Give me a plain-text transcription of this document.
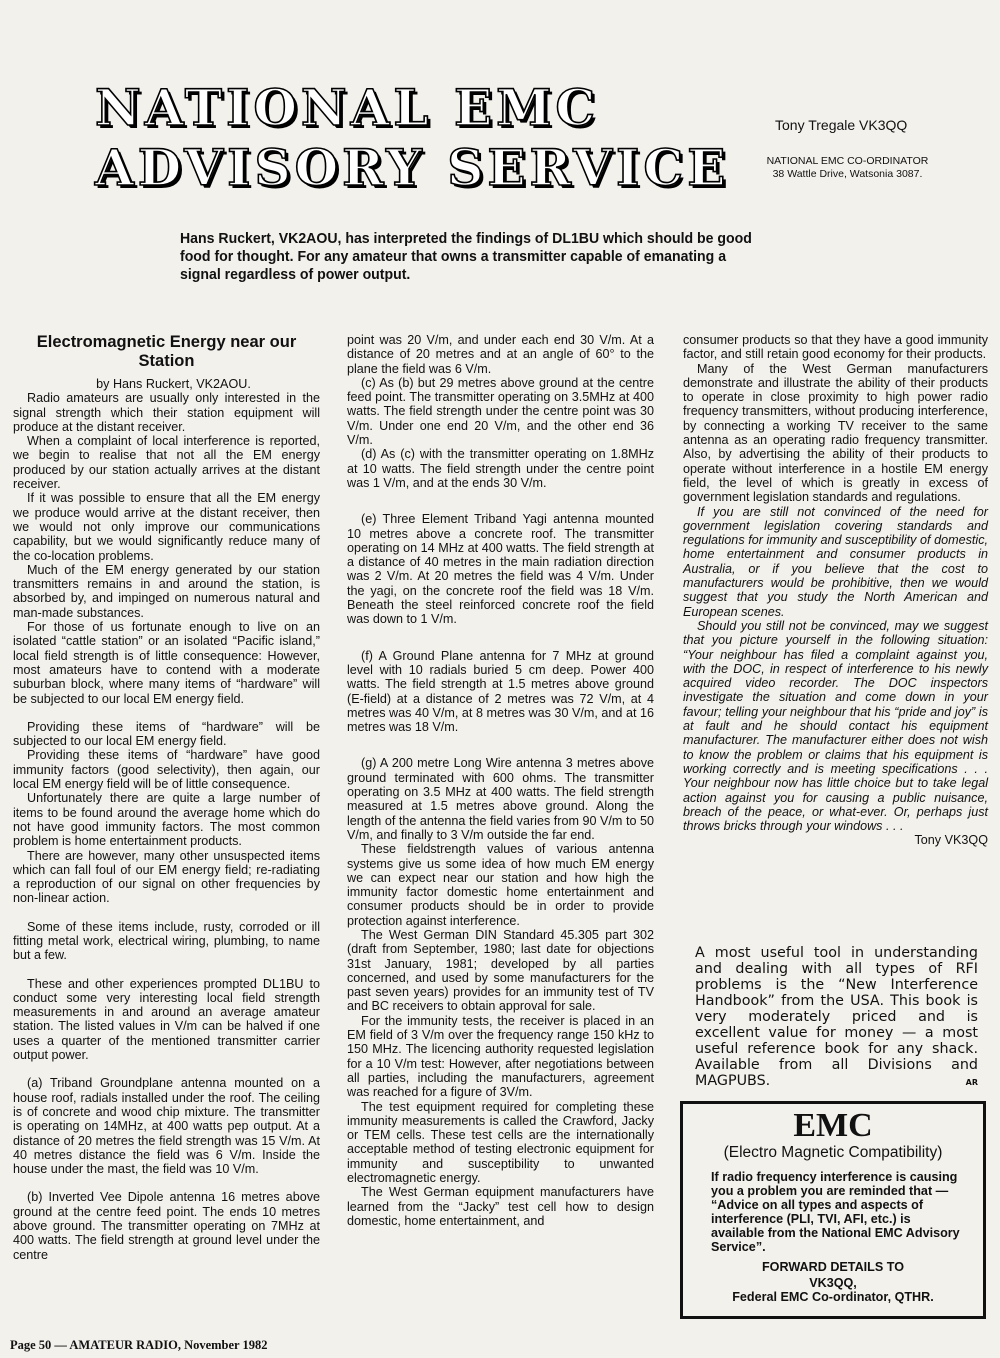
NATIONAL EMC
ADVISORY SERVICE
Tony Tregale VK3QQ
NATIONAL EMC CO-ORDINATOR
38 Wattle Drive, Watsonia 3087.
Hans Ruckert, VK2AOU, has interpreted the findings of DL1BU which should be good food for thought. For any amateur that owns a transmitter capable of emanating a signal regardless of power output.
Electromagnetic Energy near our Station

by Hans Ruckert, VK2AOU.

Radio amateurs are usually only interested in the signal strength which their station equipment will produce at the distant receiver.

When a complaint of local interference is reported, we begin to realise that not all the EM energy produced by our station actually arrives at the distant receiver.

If it was possible to ensure that all the EM energy we produce would arrive at the distant receiver, then we would not only improve our communications capability, but we would significantly reduce many of the co-location problems.

Much of the EM energy generated by our station transmitters remains in and around the station, is absorbed by, and impinged on numerous natural and man-made substances.

For those of us fortunate enough to live on an isolated “cattle station” or an isolated “Pacific island,” local field strength is of little consequence: However, most amateurs have to contend with a moderate suburban block, where many items of “hardware” will be subjected to our local EM energy field.

Providing these items of “hardware” will be subjected to our local EM energy field.

Providing these items of “hardware” have good immunity factors (good selectivity), then again, our local EM energy field will be of little consequence.

Unfortunately there are quite a large number of items to be found around the average home which do not have good immunity factors. The most common problem is home entertainment products.

There are however, many other unsuspected items which can fall foul of our EM energy field; re-radiating a reproduction of our signal on other frequencies by non-linear action.

Some of these items include, rusty, corroded or ill fitting metal work, electrical wiring, plumbing, to name but a few.

These and other experiences prompted DL1BU to conduct some very interesting local field strength measurements in and around an average amateur station. The listed values in V/m can be halved if one uses a quarter of the mentioned transmitter carrier output power.

(a) Triband Groundplane antenna mounted on a house roof, radials installed under the roof. The ceiling is of concrete and wood chip mixture. The transmitter is operating on 14MHz, at 400 watts pep output. At a distance of 20 metres the field strength was 15 V/m. At 40 metres distance the field was 6 V/m. Inside the house under the mast, the field was 10 V/m.

(b) Inverted Vee Dipole antenna 16 metres above ground at the centre feed point. The ends 10 metres above ground. The transmitter operating on 7MHz at 400 watts. The field strength at ground level under the centre

point was 20 V/m, and under each end 30 V/m. At a distance of 20 metres and at an angle of 60° to the plane the field was 6 V/m.

(c) As (b) but 29 metres above ground at the centre feed point. The transmitter operating on 3.5MHz at 400 watts. The field strength under the centre point was 30 V/m. Under one end 20 V/m, and the other end 36 V/m.

(d) As (c) with the transmitter operating on 1.8MHz at 10 watts. The field strength under the centre point was 1 V/m, and at the ends 30 V/m.

(e) Three Element Triband Yagi antenna mounted 10 metres above a concrete roof. The transmitter operating on 14 MHz at 400 watts. The field strength at a distance of 40 metres in the main radiation direction was 2 V/m. At 20 metres the field was 4 V/m. Under the yagi, on the concrete roof the field was 18 V/m. Beneath the steel reinforced concrete roof the field was down to 1 V/m.

(f) A Ground Plane antenna for 7 MHz at ground level with 10 radials buried 5 cm deep. Power 400 watts. The field strength at 1.5 metres above ground (E-field) at a distance of 2 metres was 72 V/m, at 4 metres was 40 V/m, at 8 metres was 30 V/m, and at 16 metres was 18 V/m.

(g) A 200 metre Long Wire antenna 3 metres above ground terminated with 600 ohms. The transmitter operating on 3.5 MHz at 400 watts. The field strength measured at 1.5 metres above ground. Along the length of the antenna the field varies from 90 V/m to 50 V/m, and finally to 3 V/m outside the far end.

These fieldstrength values of various antenna systems give us some idea of how much EM energy we can expect near our station and how high the immunity factor domestic home entertainment and consumer products should be in order to provide protection against interference.

The West German DIN Standard 45.305 part 302 (draft from September, 1980; last date for objections 31st January, 1981; developed by all parties concerned, and used by some manufacturers for the past seven years) provides for an immunity test of TV and BC receivers to obtain approval for sale.

For the immunity tests, the receiver is placed in an EM field of 3 V/m over the frequency range 150 kHz to 150 MHz. The licencing authority requested legislation for a 10 V/m test: However, after negotiations between all parties, including the manufacturers, agreement was reached for a figure of 3V/m.

The test equipment required for completing these immunity measurements is called the Crawford, Jacky or TEM cells. These test cells are the internationally acceptable method of testing electronic equipment for immunity and susceptibility to unwanted electromagnetic energy.

The West German equipment manufacturers have learned from the “Jacky” test cell how to design domestic, home entertainment, and

consumer products so that they have a good immunity factor, and still retain good economy for their products.

Many of the West German manufacturers demonstrate and illustrate the ability of their products to operate in close proximity to high power radio frequency transmitters, without producing interference, by connecting a working TV receiver to the same antenna as an operating radio frequency transmitter. Also, by advertising the ability of their products to operate without interference in a hostile EM energy field, the level of which is greatly in excess of government legislation standards and regulations.

If you are still not convinced of the need for government legislation covering standards and regulations for immunity and susceptibility of domestic, home entertainment and consumer products in Australia, or if you believe that the cost to manufacturers would be prohibitive, then we would suggest that you study the North American and European scenes.

Should you still not be convinced, may we suggest that you picture yourself in the following situation: “Your neighbour has filed a complaint against you, with the DOC, in respect of interference to his newly acquired video recorder. The DOC inspectors investigate the situation and come down in your favour; telling your neighbour that his “pride and joy” is at fault and he should contact his equipment manufacturer. The manufacturer either does not wish to know the problem or claims that his equipment is working correctly and is meeting specifications . . . Your neighbour now has little choice but to take legal action against you for causing a public nuisance, breach of the peace, or what-ever. Or, perhaps just throws bricks through your windows . . .

Tony VK3QQ

A most useful tool in understanding and dealing with all types of RFI problems is the “New Interference Handbook” from the USA. This book is very moderately priced and is excellent value for money — a most useful reference book for any shack. Available from all Divisions and MAGPUBS.	AR
EMC
(Electro Magnetic Compatibility)
If radio frequency interference is causing you a problem you are reminded that — “Advice on all types and aspects of interference (PLI, TVI, AFI, etc.) is available from the National EMC Advisory Service”.
FORWARD DETAILS TO
VK3QQ,
Federal EMC Co-ordinator, QTHR.
Page 50 — AMATEUR RADIO, November 1982
